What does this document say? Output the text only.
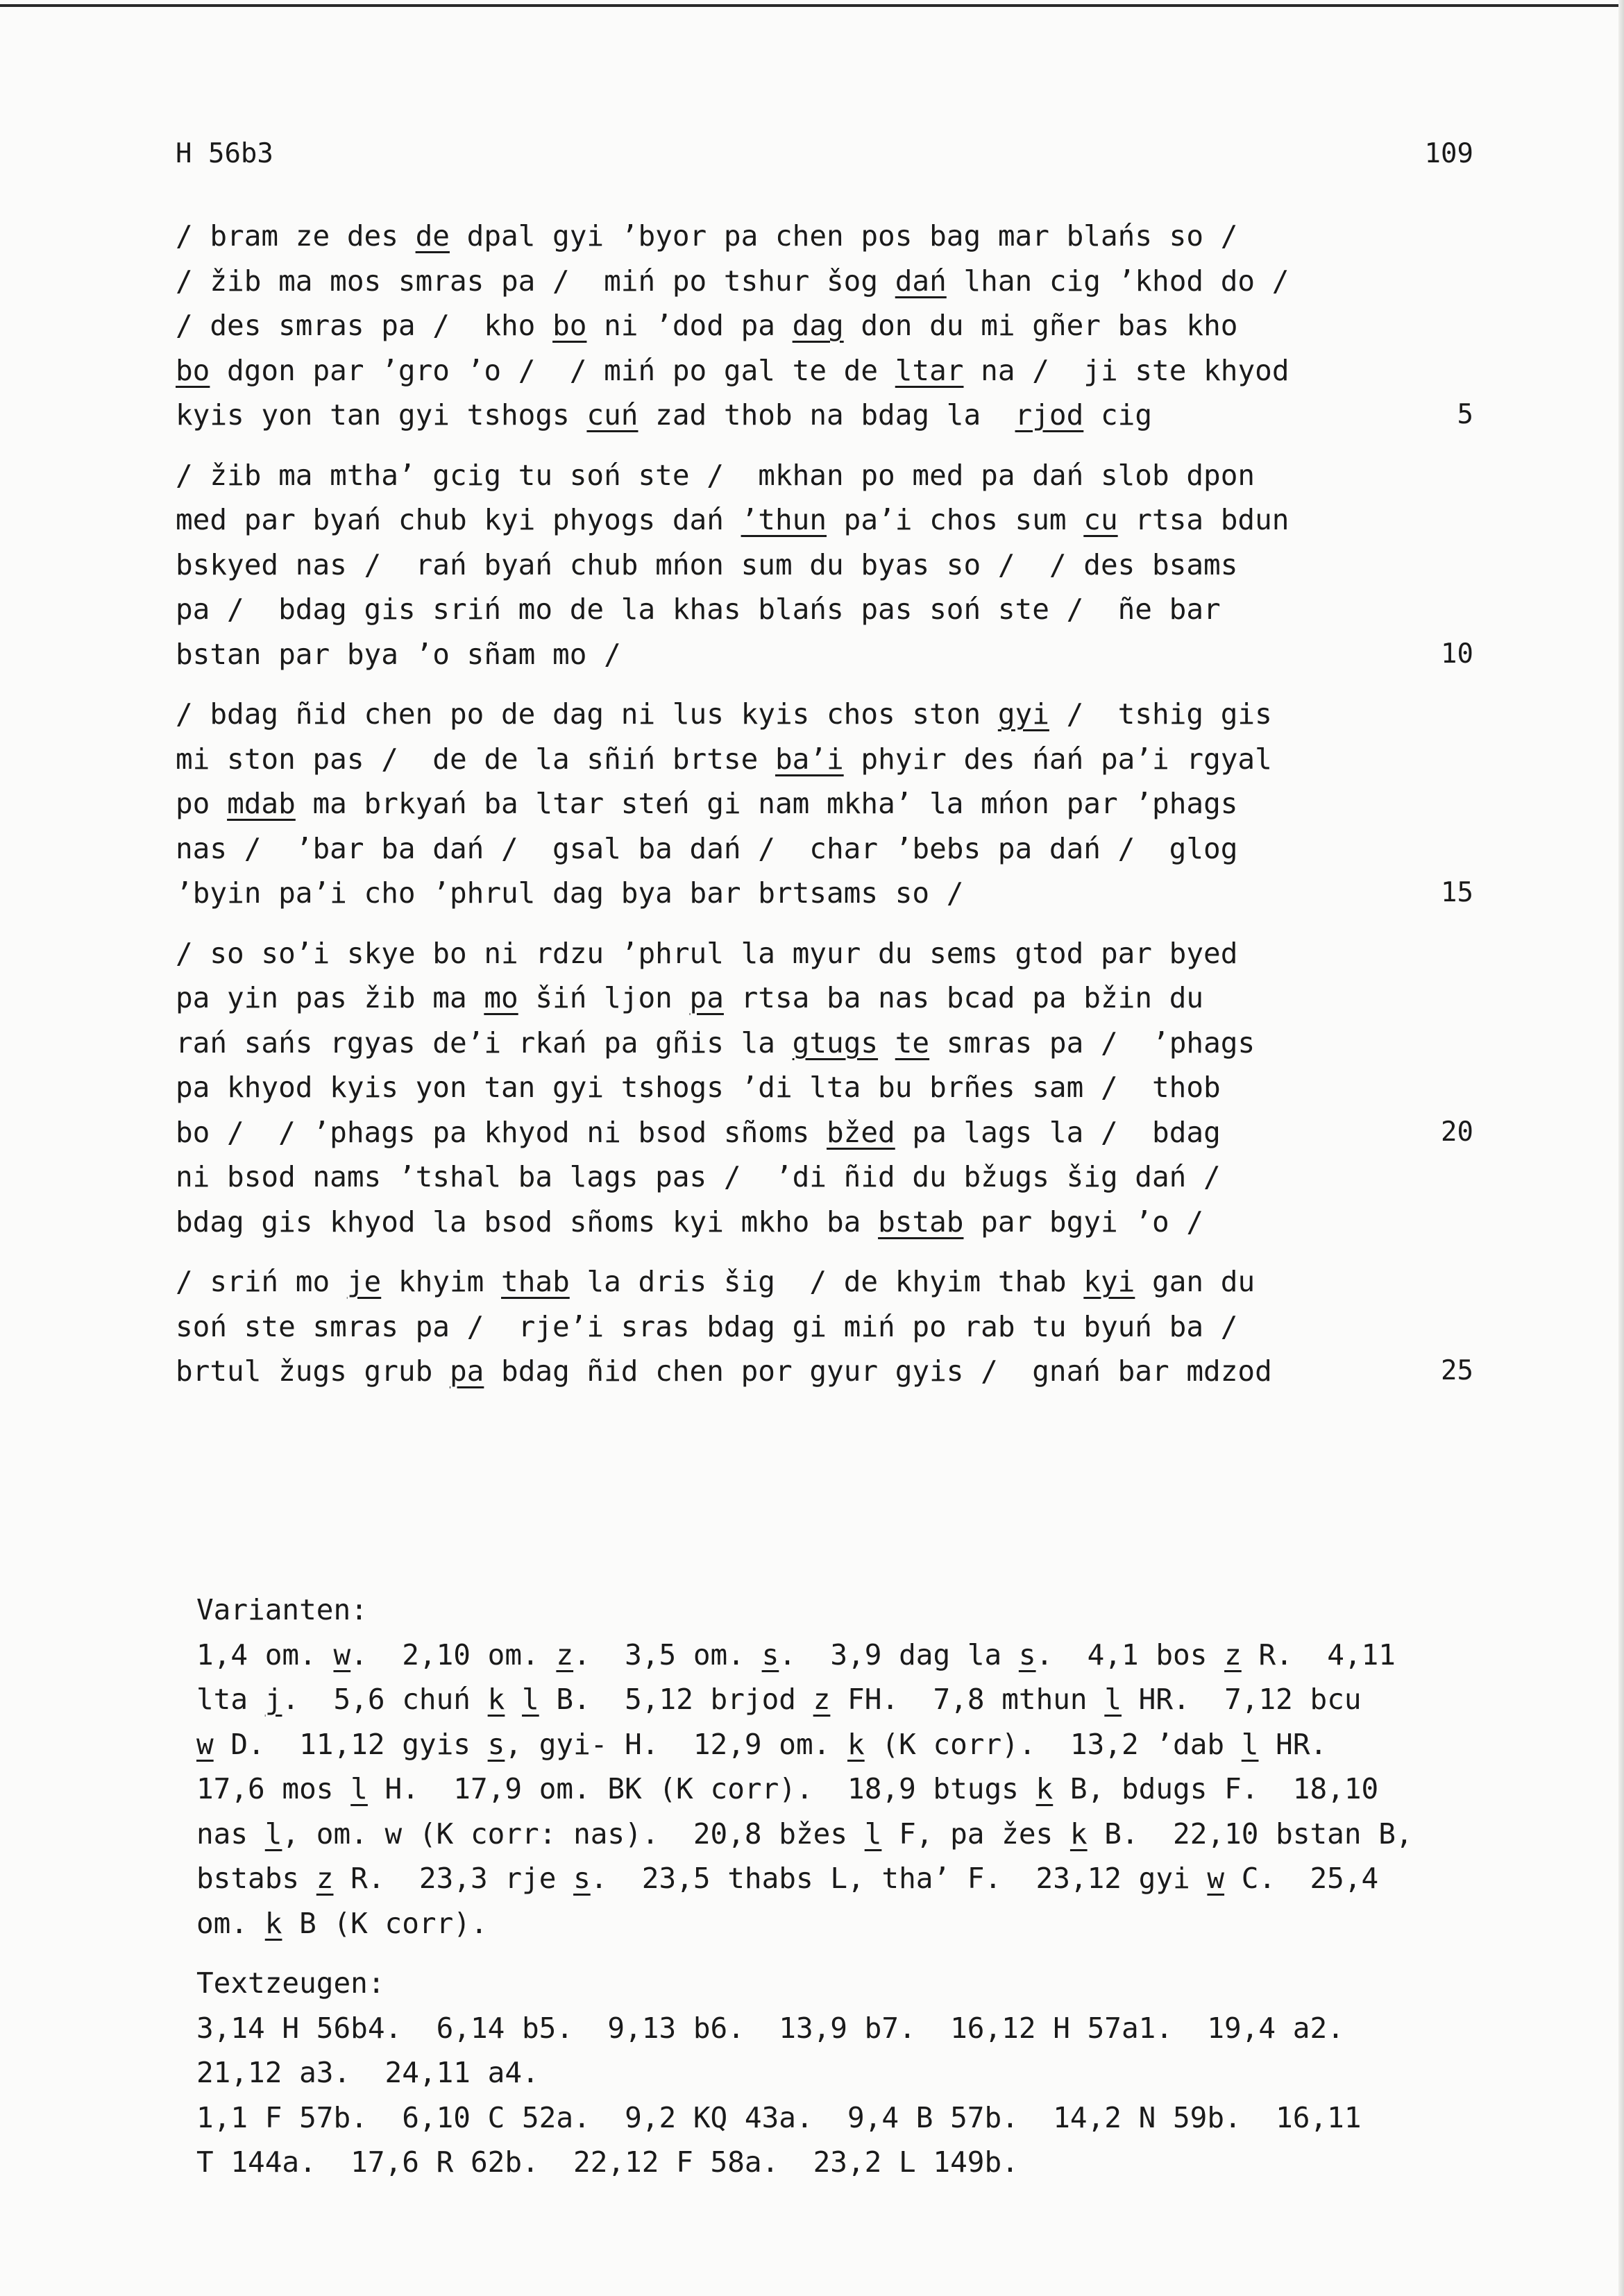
H 56b3	109
/ bram ze des de dpal gyi ’byor pa chen pos bag mar blańs so /
/ žib ma mos smras pa /  miń po tshur šog dań lhan cig ’khod do /
/ des smras pa /  kho bo ni ’dod pa dag don du mi gñer bas kho
bo dgon par ’gro ’o /  / miń po gal te de ltar na /  ji ste khyod
kyis yon tan gyi tshogs cuń zad thob na bdag la  rjod cig	5
/ žib ma mtha’ gcig tu soń ste /  mkhan po med pa dań slob dpon
med par byań chub kyi phyogs dań ’thun pa’i chos sum cu rtsa bdun
bskyed nas /  rań byań chub mńon sum du byas so /  / des bsams
pa /  bdag gis sriń mo de la khas blańs pas soń ste /  ñe bar
bstan par bya ’o sñam mo /	10
/ bdag ñid chen po de dag ni lus kyis chos ston gyi /  tshig gis
mi ston pas /  de de la sñiń brtse ba’i phyir des ńań pa’i rgyal
po mdab ma brkyań ba ltar steń gi nam mkha’ la mńon par ’phags
nas /  ’bar ba dań /  gsal ba dań /  char ’bebs pa dań /  glog
’byin pa’i cho ’phrul dag bya bar brtsams so /	15
/ so so’i skye bo ni rdzu ’phrul la myur du sems gtod par byed
pa yin pas žib ma mo šiń ljon pa rtsa ba nas bcad pa bžin du
rań sańs rgyas de’i rkań pa gñis la gtugs te smras pa /  ’phags
pa khyod kyis yon tan gyi tshogs ’di lta bu brñes sam /  thob
bo /  / ’phags pa khyod ni bsod sñoms bžed pa lags la /  bdag	20
ni bsod nams ’tshal ba lags pas /  ’di ñid du bžugs šig dań /
bdag gis khyod la bsod sñoms kyi mkho ba bstab par bgyi ’o /
/ sriń mo je khyim thab la dris šig  / de khyim thab kyi gan du
soń ste smras pa /  rje’i sras bdag gi miń po rab tu byuń ba /
brtul žugs grub pa bdag ñid chen por gyur gyis /  gnań bar mdzod	25
Varianten:
1,4 om. w.  2,10 om. z.  3,5 om. s.  3,9 dag la s.  4,1 bos z R.  4,11
lta j.  5,6 chuń k l B.  5,12 brjod z FH.  7,8 mthun l HR.  7,12 bcu
w D.  11,12 gyis s, gyi- H.  12,9 om. k (K corr).  13,2 ’dab l HR.
17,6 mos l H.  17,9 om. BK (K corr).  18,9 btugs k B, bdugs F.  18,10
nas l, om. w (K corr: nas).  20,8 bžes l F, pa žes k B.  22,10 bstan B,
bstabs z R.  23,3 rje s.  23,5 thabs L, tha’ F.  23,12 gyi w C.  25,4
om. k B (K corr).
Textzeugen:
3,14 H 56b4.  6,14 b5.  9,13 b6.  13,9 b7.  16,12 H 57a1.  19,4 a2.
21,12 a3.  24,11 a4.
1,1 F 57b.  6,10 C 52a.  9,2 KQ 43a.  9,4 B 57b.  14,2 N 59b.  16,11
T 144a.  17,6 R 62b.  22,12 F 58a.  23,2 L 149b.
